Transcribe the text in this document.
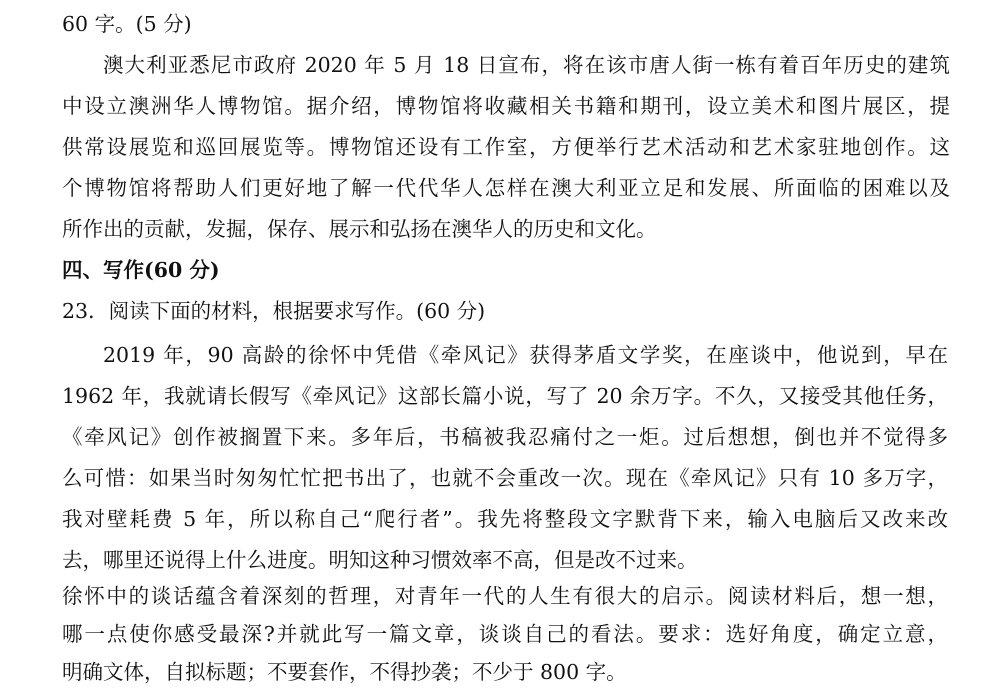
60 字。(5 分)
澳大利亚悉尼市政府 2020 年 5 月 18 日宣布，将在该市唐人街一栋有着百年历史的建筑
中设立澳洲华人博物馆。据介绍，博物馆将收藏相关书籍和期刊，设立美术和图片展区，提
供常设展览和巡回展览等。博物馆还设有工作室，方便举行艺术活动和艺术家驻地创作。这
个博物馆将帮助人们更好地了解一代代华人怎样在澳大利亚立足和发展、所面临的困难以及
所作出的贡献，发掘，保存、展示和弘扬在澳华人的历史和文化。
四、写作(60 分)
23．阅读下面的材料，根据要求写作。(60 分)
2019 年，90 高龄的徐怀中凭借《牵风记》获得茅盾文学奖，在座谈中，他说到，早在
1962 年，我就请长假写《牵风记》这部长篇小说，写了 20 余万字。不久，又接受其他任务，
《牵风记》创作被搁置下来。多年后，书稿被我忍痛付之一炬。过后想想，倒也并不觉得多
么可惜：如果当时匆匆忙忙把书出了，也就不会重改一次。现在《牵风记》只有 10 多万字，
我对壁耗费 5 年，所以称自己“爬行者”。我先将整段文字默背下来，输入电脑后又改来改
去，哪里还说得上什么进度。明知这种习惯效率不高，但是改不过来。
徐怀中的谈话蕴含着深刻的哲理，对青年一代的人生有很大的启示。阅读材料后，想一想，
哪一点使你感受最深?并就此写一篇文章，谈谈自己的看法。要求：选好角度，确定立意，
明确文体，自拟标题；不要套作，不得抄袭；不少于 800 字。
